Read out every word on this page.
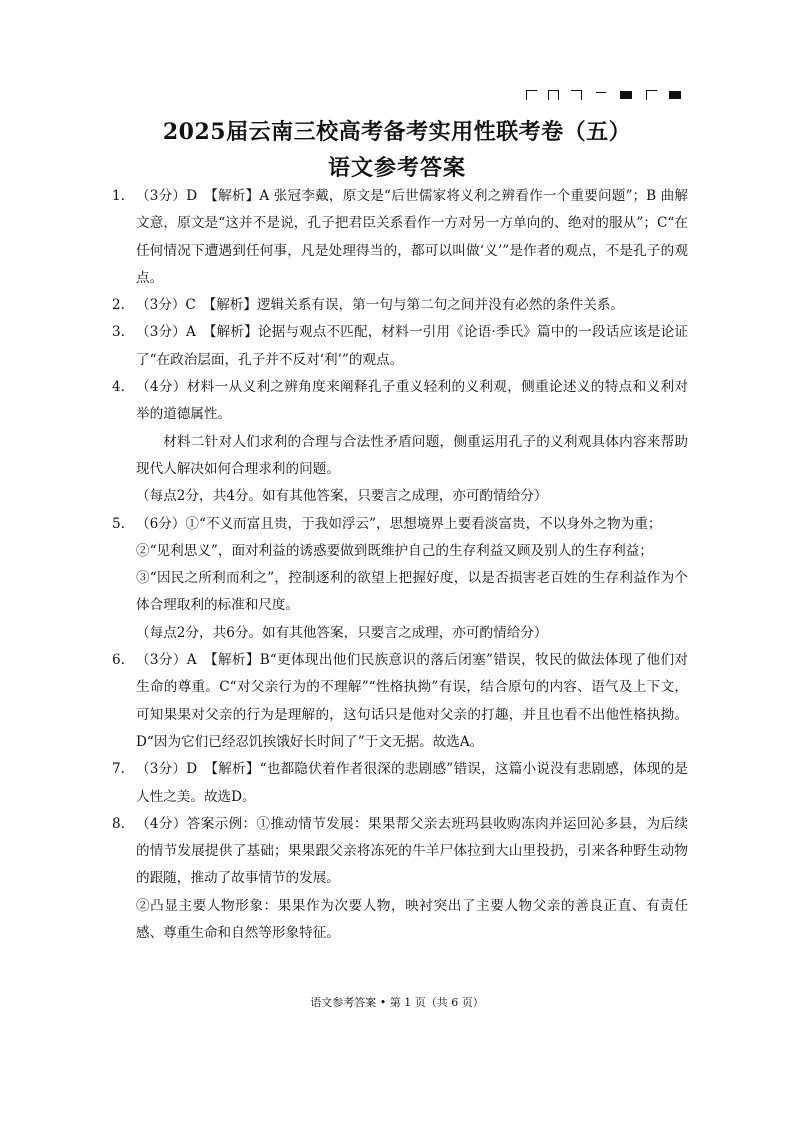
2025届云南三校高考备考实用性联考卷（五）
语文参考答案
1. （3分）D　【解析】A 张冠李戴，原文是“后世儒家将义利之辨看作一个重要问题”；B 曲解文意，原文是“这并不是说，孔子把君臣关系看作一方对另一方单向的、绝对的服从”；C“在任何情况下遭遇到任何事，凡是处理得当的，都可以叫做‘义’”是作者的观点，不是孔子的观点。

2. （3分）C　【解析】逻辑关系有误，第一句与第二句之间并没有必然的条件关系。

3. （3分）A　【解析】论据与观点不匹配，材料一引用《论语·季氏》篇中的一段话应该是论证了“在政治层面，孔子并不反对‘利’”的观点。

4. （4分）材料一从义利之辨角度来阐释孔子重义轻利的义利观，侧重论述义的特点和义利对举的道德属性。

材料二针对人们求利的合理与合法性矛盾问题，侧重运用孔子的义利观具体内容来帮助现代人解决如何合理求利的问题。

（每点2分，共4分。如有其他答案，只要言之成理，亦可酌情给分）

5. （6分）①“不义而富且贵，于我如浮云”，思想境界上要看淡富贵，不以身外之物为重；

②“见利思义”，面对利益的诱惑要做到既维护自己的生存利益又顾及别人的生存利益；

③“因民之所利而利之”，控制逐利的欲望上把握好度，以是否损害老百姓的生存利益作为个体合理取利的标准和尺度。

（每点2分，共6分。如有其他答案，只要言之成理，亦可酌情给分）

6. （3分）A　【解析】B“更体现出他们民族意识的落后闭塞”错误，牧民的做法体现了他们对生命的尊重。C“对父亲行为的不理解”“性格执拗”有误，结合原句的内容、语气及上下文，可知果果对父亲的行为是理解的，这句话只是他对父亲的打趣，并且也看不出他性格执拗。D“因为它们已经忍饥挨饿好长时间了”于文无据。故选A。

7. （3分）D　【解析】“也都隐伏着作者很深的悲剧感”错误，这篇小说没有悲剧感，体现的是人性之美。故选D。

8. （4分）答案示例：①推动情节发展：果果帮父亲去班玛县收购冻肉并运回沁多县，为后续的情节发展提供了基础；果果跟父亲将冻死的牛羊尸体拉到大山里投扔，引来各种野生动物的跟随，推动了故事情节的发展。

②凸显主要人物形象：果果作为次要人物，映衬突出了主要人物父亲的善良正直、有责任感、尊重生命和自然等形象特征。

语文参考答案 • 第 1 页（共 6 页）
